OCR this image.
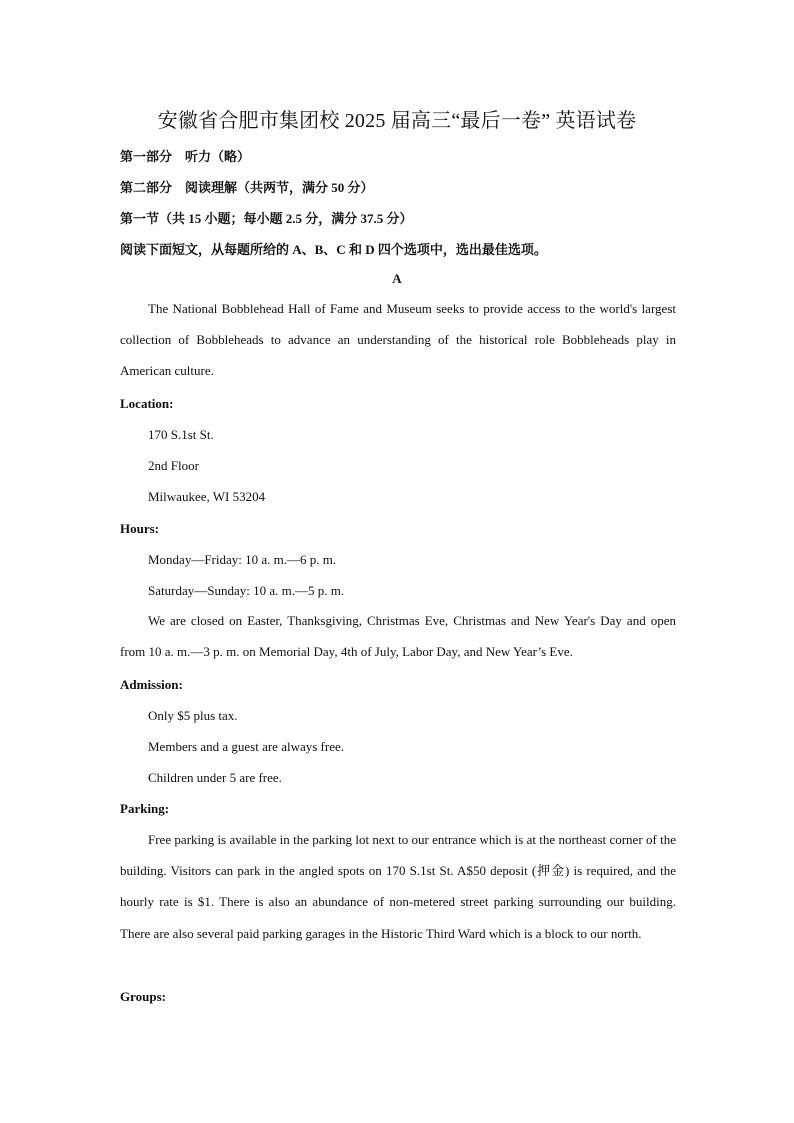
安徽省合肥市集团校 2025 届高三“最后一卷” 英语试卷
第一部分　听力（略）
第二部分　阅读理解（共两节，满分 50 分）
第一节（共 15 小题；每小题 2.5 分，满分 37.5 分）
阅读下面短文，从每题所给的 A、B、C 和 D 四个选项中，选出最佳选项。
A
The National Bobblehead Hall of Fame and Museum seeks to provide access to the world's largest collection of Bobbleheads to advance an understanding of the historical role Bobbleheads play in American culture.
Location:
170 S.1st St.
2nd Floor
Milwaukee, WI 53204
Hours:
Monday—Friday: 10 a. m.—6 p. m.
Saturday—Sunday: 10 a. m.—5 p. m.
We are closed on Easter, Thanksgiving, Christmas Eve, Christmas and New Year's Day and open from 10 a. m.—3 p. m. on Memorial Day, 4th of July, Labor Day, and New Year’s Eve.
Admission:
Only $5 plus tax.
Members and a guest are always free.
Children under 5 are free.
Parking:
Free parking is available in the parking lot next to our entrance which is at the northeast corner of the building. Visitors can park in the angled spots on 170 S.1st St. A$50 deposit (押金) is required, and the hourly rate is $1. There is also an abundance of non-metered street parking surrounding our building. There are also several paid parking garages in the Historic Third Ward which is a block to our north.
Groups:
